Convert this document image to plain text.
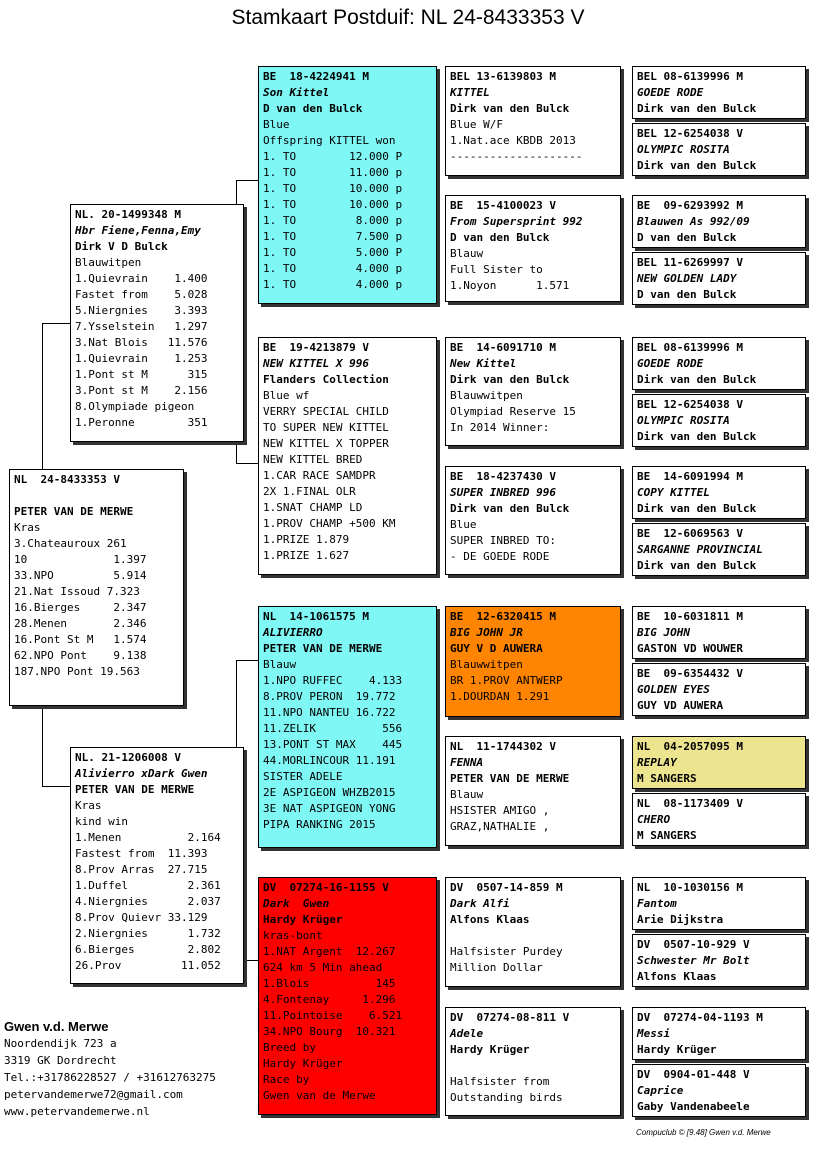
Stamkaart Postduif: NL 24-8433353 V
NL  24-8433353 V
PETER VAN DE MERWE
Kras
3.Chateauroux 261
10             1.397
33.NPO         5.914
21.Nat Issoud 7.323
16.Bierges     2.347
28.Menen       2.346
16.Pont St M   1.574
62.NPO Pont    9.138
187.NPO Pont 19.563
NL. 20-1499348 M
Hbr Fiene,Fenna,Emy
Dirk V D Bulck
Blauwitpen
1.Quievrain    1.400
Fastet from    5.028
5.Niergnies    3.393
7.Ysselstein   1.297
3.Nat Blois   11.576
1.Quievrain    1.253
1.Pont st M      315
3.Pont st M    2.156
8.Olympiade pigeon
1.Peronne        351
NL. 21-1206008 V
Alivierro xDark Gwen
PETER VAN DE MERWE
Kras
kind win
1.Menen          2.164
Fastest from  11.393
8.Prov Arras  27.715
1.Duffel         2.361
4.Niergnies      2.037
8.Prov Quievr 33.129
2.Niergnies      1.732
6.Bierges        2.802
26.Prov         11.052
BE  18-4224941 M
Son Kittel
D van den Bulck
Blue
Offspring KITTEL won
1. TO        12.000 P
1. TO        11.000 p
1. TO        10.000 p
1. TO        10.000 p
1. TO         8.000 p
1. TO         7.500 p
1. TO         5.000 P
1. TO         4.000 p
1. TO         4.000 p
BE  19-4213879 V
NEW KITTEL X 996
Flanders Collection
Blue wf
VERRY SPECIAL CHILD
TO SUPER NEW KITTEL
NEW KITTEL X TOPPER
NEW KITTEL BRED
1.CAR RACE SAMDPR
2X 1.FINAL OLR
1.SNAT CHAMP LD
1.PROV CHAMP +500 KM
1.PRIZE 1.879
1.PRIZE 1.627
NL  14-1061575 M
ALIVIERRO
PETER VAN DE MERWE
Blauw
1.NPO RUFFEC    4.133
8.PROV PERON  19.772
11.NPO NANTEU 16.722
11.ZELIK          556
13.PONT ST MAX    445
44.MORLINCOUR 11.191
SISTER ADELE
2E ASPIGEON WHZB2015
3E NAT ASPIGEON YONG
PIPA RANKING 2015
DV  07274-16-1155 V
Dark  Gwen
Hardy Krüger
kras-bont
1.NAT Argent  12.267
624 km 5 Min ahead
1.Blois          145
4.Fontenay     1.296
11.Pointoise    6.521
34.NPO Bourg  10.321
Breed by
Hardy Krüger
Race by
Gwen van de Merwe
BEL 13-6139803 M
KITTEL
Dirk van den Bulck
Blue W/F
1.Nat.ace KBDB 2013
--------------------
BE  15-4100023 V
From Supersprint 992
D van den Bulck
Blauw
Full Sister to
1.Noyon      1.571
BE  14-6091710 M
New Kittel
Dirk van den Bulck
Blauwwitpen
Olympiad Reserve 15
In 2014 Winner:
BE  18-4237430 V
SUPER INBRED 996
Dirk van den Bulck
Blue
SUPER INBRED TO:
- DE GOEDE RODE
BE  12-6320415 M
BIG JOHN JR
GUY V D AUWERA
Blauwwitpen
BR 1.PROV ANTWERP
1.DOURDAN 1.291
NL  11-1744302 V
FENNA
PETER VAN DE MERWE
Blauw
HSISTER AMIGO ,
GRAZ,NATHALIE ,
DV  0507-14-859 M
Dark Alfi
Alfons Klaas
Halfsister Purdey
Million Dollar
DV  07274-08-811 V
Adele
Hardy Krüger
Halfsister from
Outstanding birds
BEL 08-6139996 M
GOEDE RODE
Dirk van den Bulck
BEL 12-6254038 V
OLYMPIC ROSITA
Dirk van den Bulck
BE  09-6293992 M
Blauwen As 992/09
D van den Bulck
BEL 11-6269997 V
NEW GOLDEN LADY
D van den Bulck
BEL 08-6139996 M
GOEDE RODE
Dirk van den Bulck
BEL 12-6254038 V
OLYMPIC ROSITA
Dirk van den Bulck
BE  14-6091994 M
COPY KITTEL
Dirk van den Bulck
BE  12-6069563 V
SARGANNE PROVINCIAL
Dirk van den Bulck
BE  10-6031811 M
BIG JOHN
GASTON VD WOUWER
BE  09-6354432 V
GOLDEN EYES
GUY VD AUWERA
NL  04-2057095 M
REPLAY
M SANGERS
NL  08-1173409 V
CHERO
M SANGERS
NL  10-1030156 M
Fantom
Arie Dijkstra
DV  0507-10-929 V
Schwester Mr Bolt
Alfons Klaas
DV  07274-04-1193 M
Messi
Hardy Krüger
DV  0904-01-448 V
Caprice
Gaby Vandenabeele
Gwen v.d. Merwe
Noordendijk 723 a
3319 GK Dordrecht
Tel.:+31786228527 / +31612763275
petervandemerwe72@gmail.com
www.petervandemerwe.nl
Compuclub © [9.48] Gwen v.d. Merwe
